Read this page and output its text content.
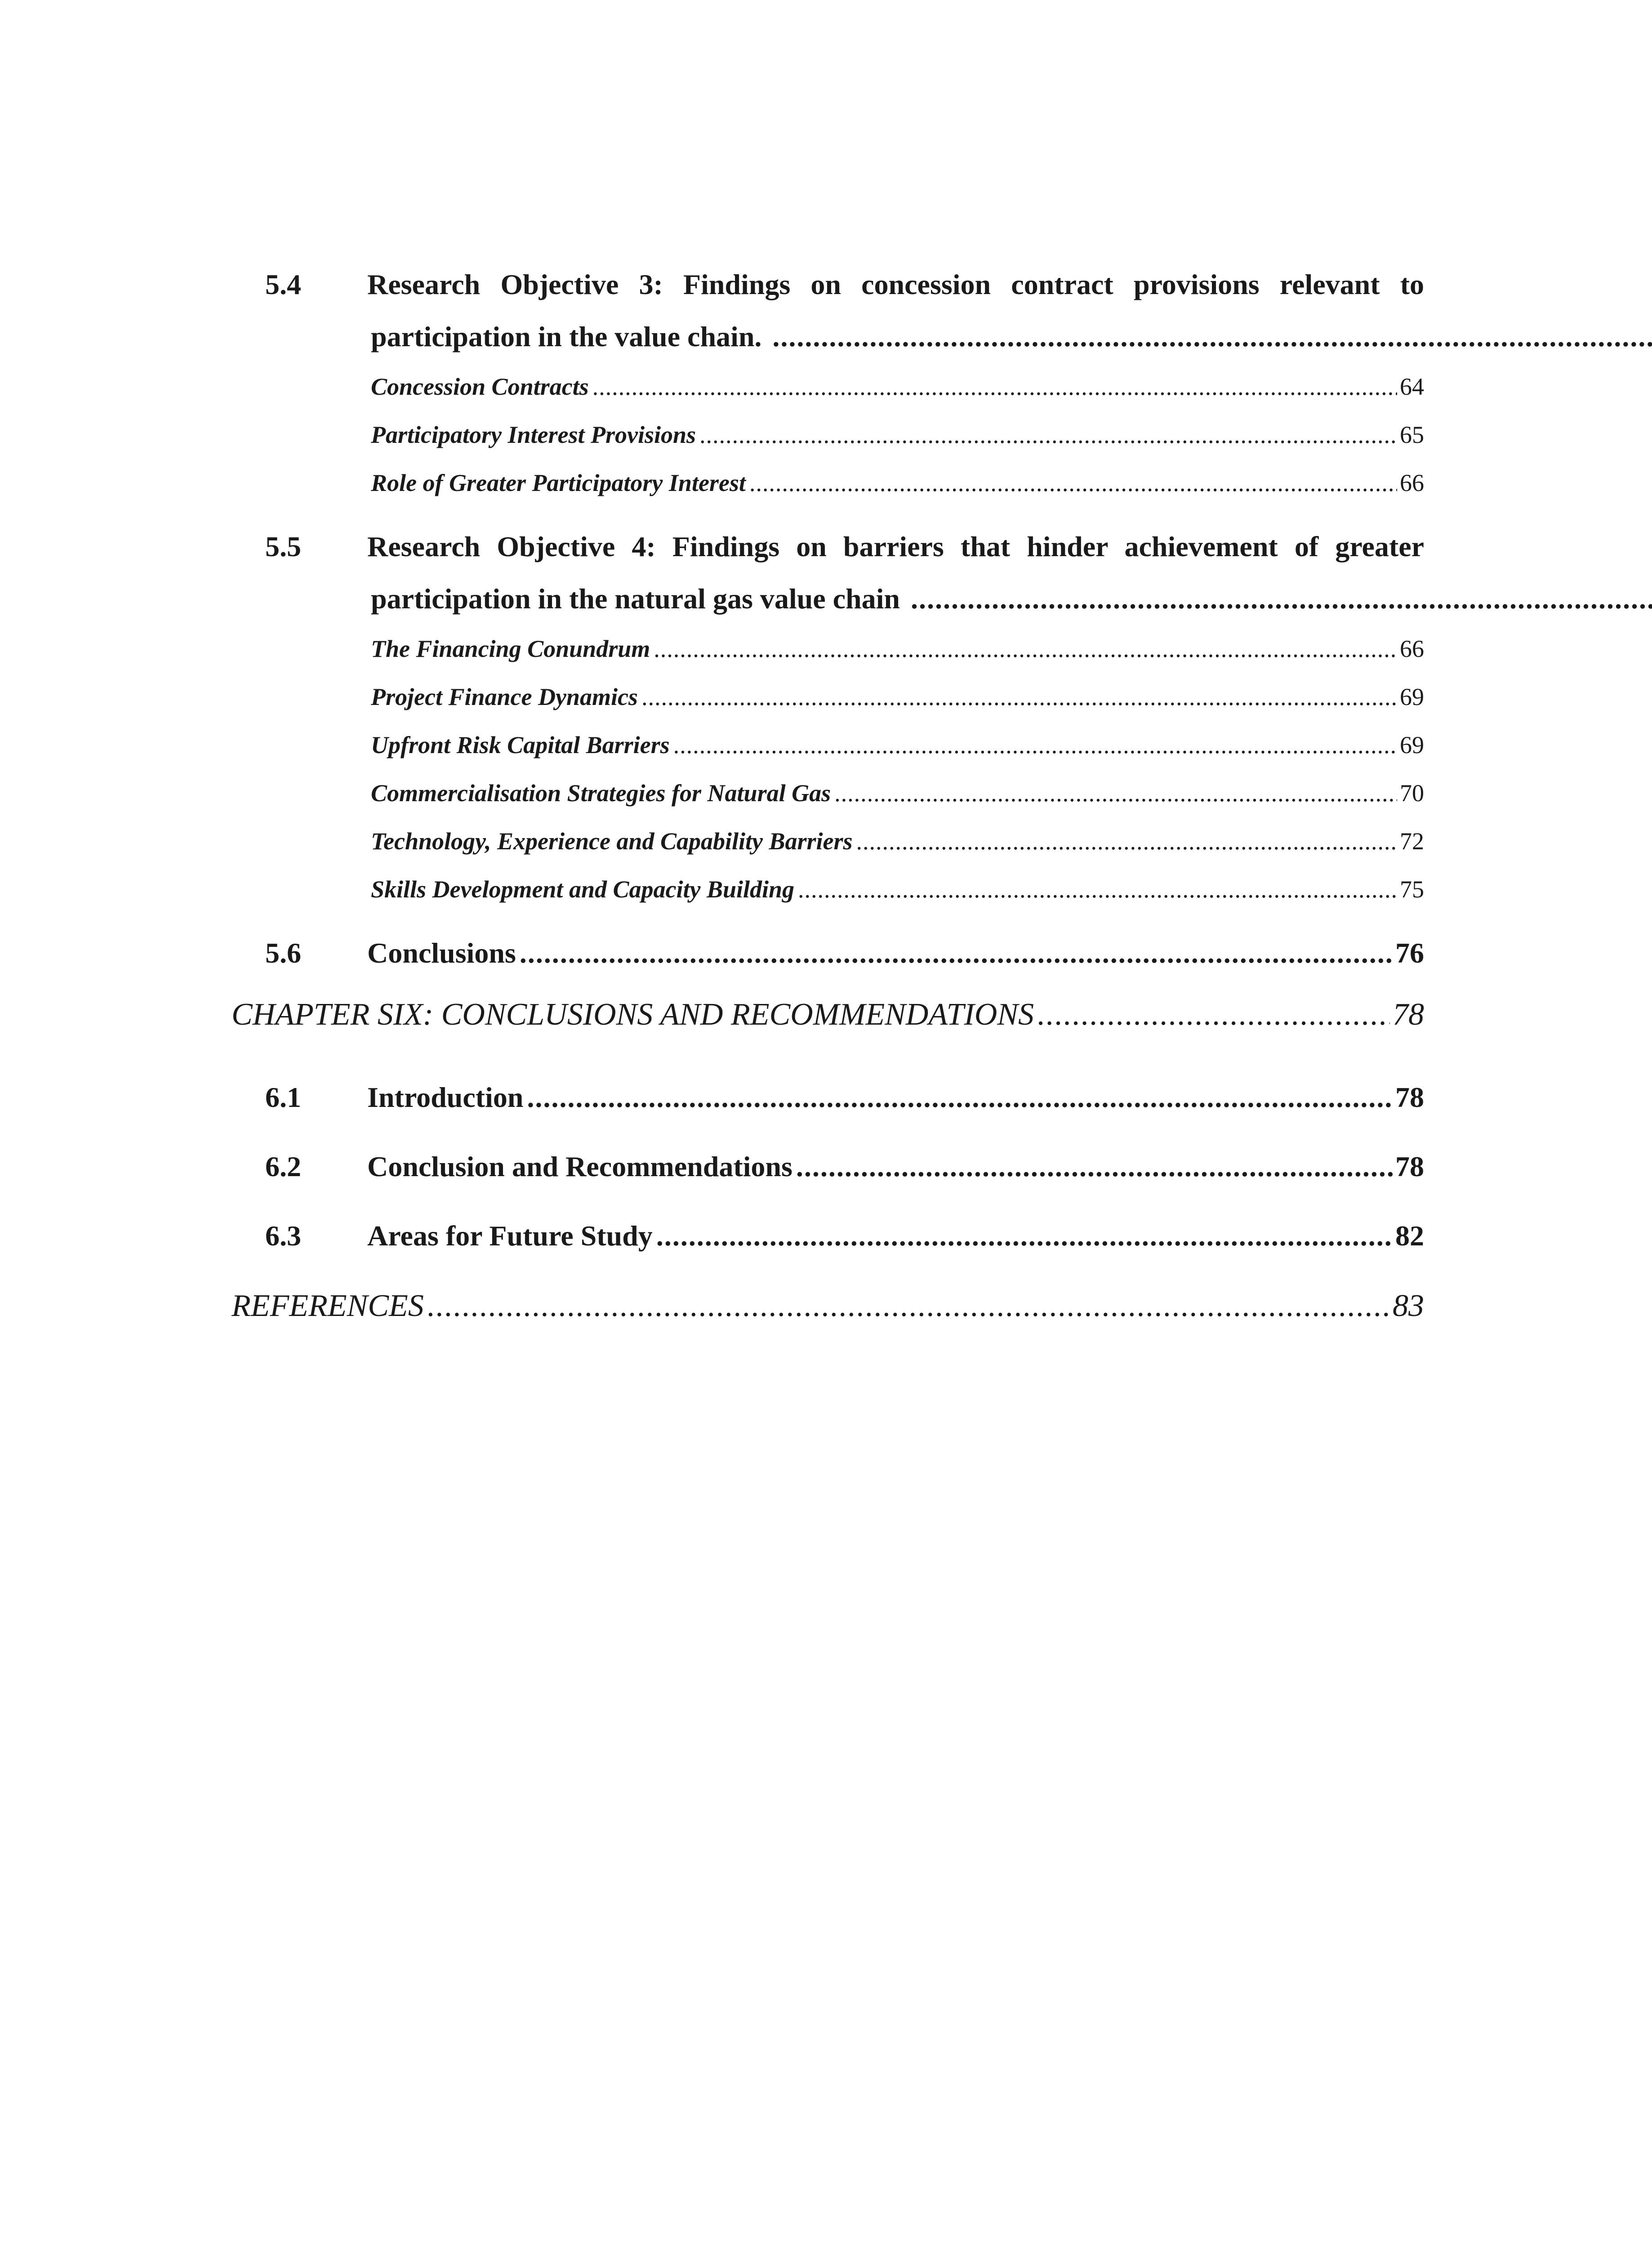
5.4 Research Objective 3: Findings on concession contract provisions relevant to
participation in the value chain. .....
Concession Contracts .....	64
Participatory Interest Provisions .....	65
Role of Greater Participatory Interest .....	66
5.5 Research Objective 4: Findings on barriers that hinder achievement of greater
participation in the natural gas value chain .....
The Financing Conundrum .....	66
Project Finance Dynamics .....	69
Upfront Risk Capital Barriers .....	69
Commercialisation Strategies for Natural Gas .....	70
Technology, Experience and Capability Barriers .....	72
Skills Development and Capacity Building .....	75
5.6 Conclusions .....	76
CHAPTER SIX: CONCLUSIONS AND RECOMMENDATIONS .....	78
6.1 Introduction .....	78
6.2 Conclusion and Recommendations .....	78
6.3 Areas for Future Study .....	82
REFERENCES .....	83
